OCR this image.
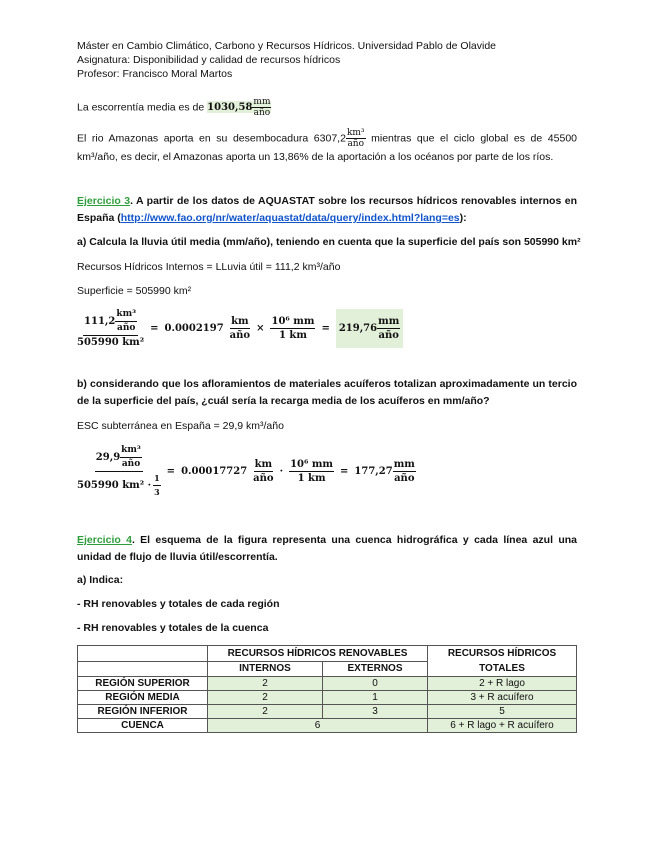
Máster en Cambio Climático, Carbono y Recursos Hídricos. Universidad Pablo de Olavide
Asignatura: Disponibilidad y calidad de recursos hídricos
Profesor: Francisco Moral Martos
La escorrentía media es de 1030,58
mm
año
El rio Amazonas aporta en su desembocadura 6307,2 km³
año mientras que el ciclo global es de 45500 km³/año, es decir, el Amazonas aporta un 13,86% de la aportación a los océanos por parte de los ríos.
Ejercicio 3. A partir de los datos de AQUASTAT sobre los recursos hídricos renovables internos en España (http://www.fao.org/nr/water/aquastat/data/query/index.html?lang=es):
a) Calcula la lluvia útil media (mm/año), teniendo en cuenta que la superficie del país son 505990 km²
Recursos Hídricos Internos = LLuvia útil = 111,2 km³/año
Superficie = 505990 km²
111,2
km³
año
505990 km²
= 0.0002197
km
año
× $\frac{\text{10⁶ mm}}{1 km} = 219,76$
mm
año
b) considerando que los afloramientos de materiales acuíferos totalizan aproximadamente un tercio de la superficie del país, ¿cuál sería la recarga media de los acuíferos en mm/año?
ESC subterránea en España = 29,9 km³/año
29,9
km³
año
505990 $km^2 \cdot \frac{1}{3}$
= 0.00017727
km
año
· $\frac{\text{10⁶ mm}}{1 km} = 177,27$
mm
año
Ejercicio 4. El esquema de la figura representa una cuenca hidrográfica y cada línea azul una unidad de flujo de lluvia útil/escorrentía.
a) Indica:
- RH renovables y totales de cada región
- RH renovables y totales de la cuenca
	RECURSOS HÍDRICOS RENOVABLES		RECURSOS HÍDRICOS TOTALES
	INTERNOS	EXTERNOS	
REGIÓN SUPERIOR	2	0	2 + R lago
REGIÓN MEDIA	2	1	3 + R acuífero
REGIÓN INFERIOR	2	3	5
CUENCA	6		6 + R lago + R acuífero
